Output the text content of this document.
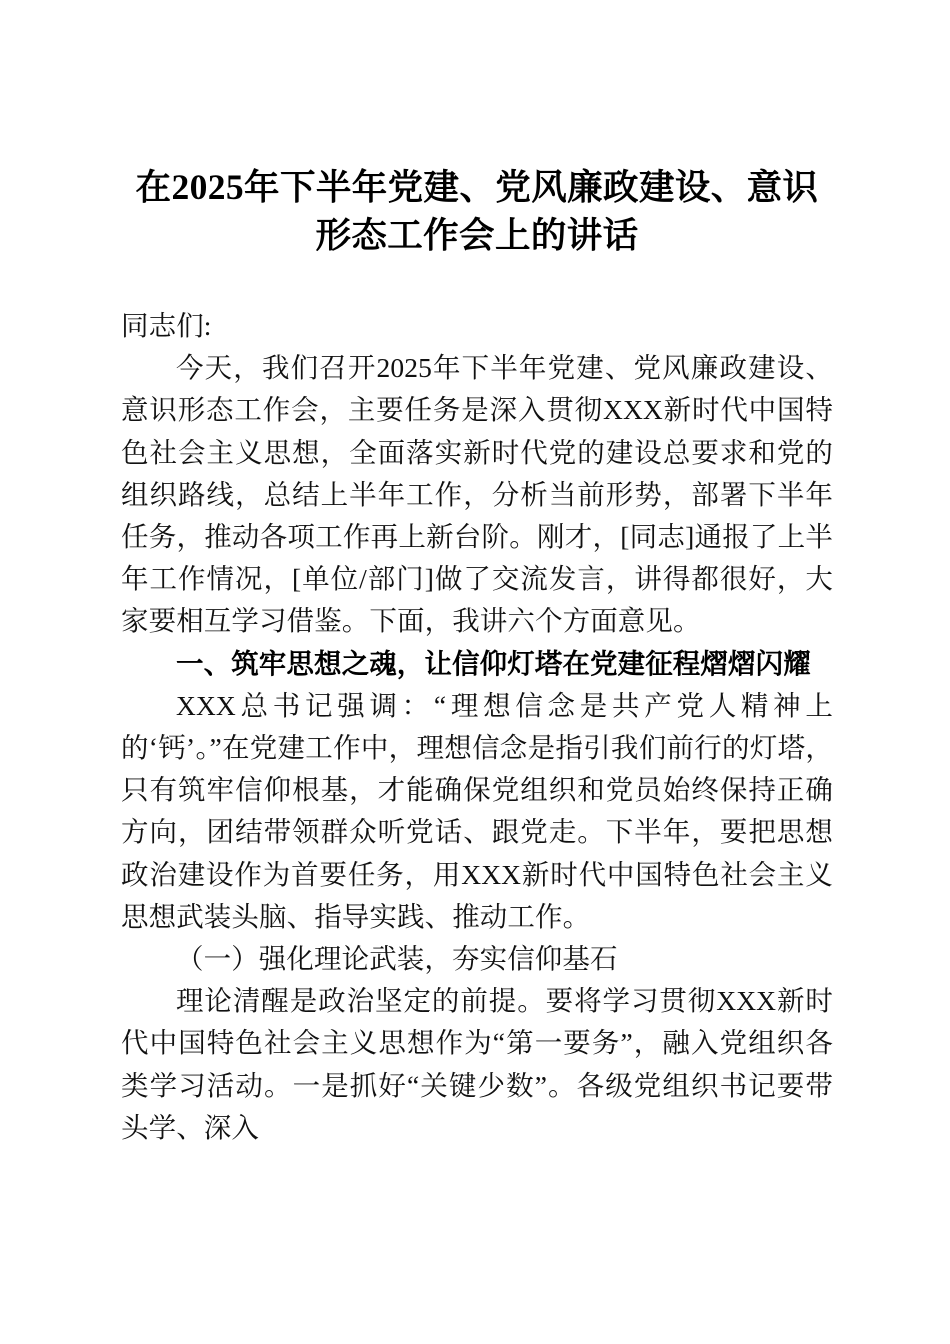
在2025年下半年党建、党风廉政建设、意识
形态工作会上的讲话

同志们:

今天，我们召开2025年下半年党建、党风廉政建设、意识形态工作会，主要任务是深入贯彻XXX新时代中国特色社会主义思想，全面落实新时代党的建设总要求和党的组织路线，总结上半年工作，分析当前形势，部署下半年任务，推动各项工作再上新台阶。刚才，[同志]通报了上半年工作情况，[单位/部门]做了交流发言，讲得都很好，大家要相互学习借鉴。下面，我讲六个方面意见。

一、筑牢思想之魂，让信仰灯塔在党建征程熠熠闪耀

XXX总书记强调：“理想信念是共产党人精神上的‘钙’。”在党建工作中，理想信念是指引我们前行的灯塔，只有筑牢信仰根基，才能确保党组织和党员始终保持正确方向，团结带领群众听党话、跟党走。下半年，要把思想政治建设作为首要任务，用XXX新时代中国特色社会主义思想武装头脑、指导实践、推动工作。

（一）强化理论武装，夯实信仰基石

理论清醒是政治坚定的前提。要将学习贯彻XXX新时代中国特色社会主义思想作为“第一要务”，融入党组织各类学习活动。一是抓好“关键少数”。各级党组织书记要带头学、深入
